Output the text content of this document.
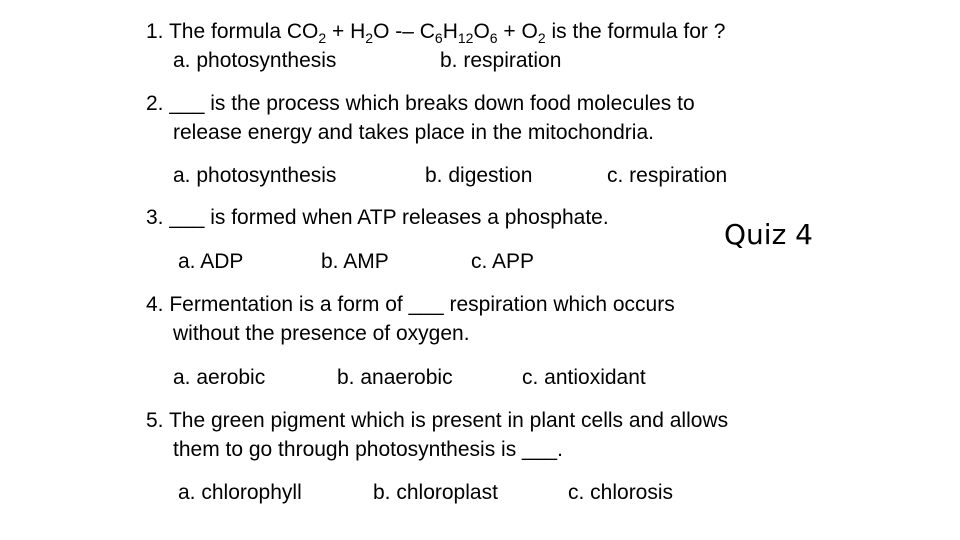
1. The formula $CO_2 + H_2O -- C_6H_{12}O_6 + O_2$ is the formula for ?
a. photosynthesis	b. respiration
2. ___ is the process which breaks down food molecules to
release energy and takes place in the mitochondria.
a. photosynthesis	b. digestion	c. respiration
3. ___ is formed when ATP releases a phosphate.
a. ADP	b. AMP	c. APP
Quiz 4
4. Fermentation is a form of ___ respiration which occurs
without the presence of oxygen.
a. aerobic	b. anaerobic	c. antioxidant
5. The green pigment which is present in plant cells and allows
them to go through photosynthesis is ___.
a. chlorophyll	b. chloroplast	c. chlorosis
